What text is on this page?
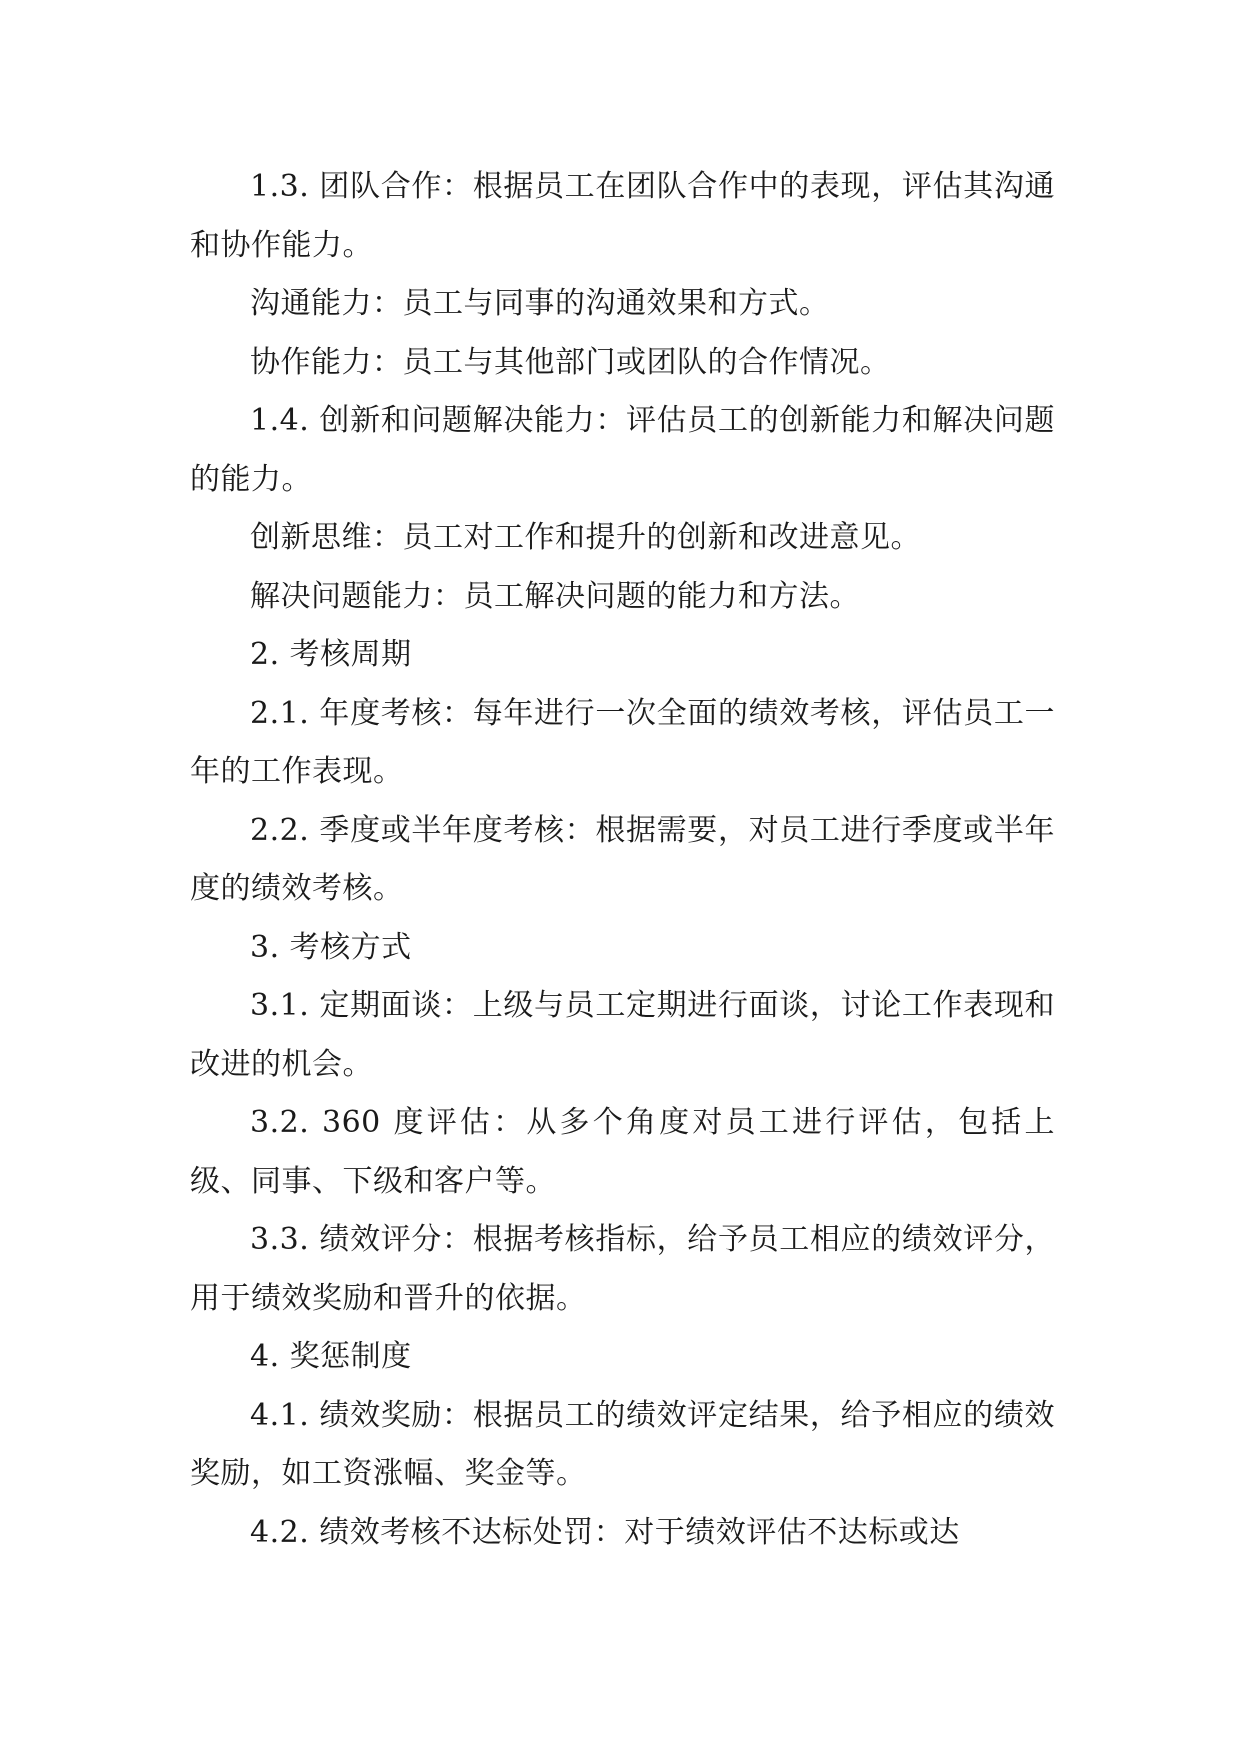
1.3. 团队合作：根据员工在团队合作中的表现，评估其沟通和协作能力。

沟通能力：员工与同事的沟通效果和方式。

协作能力：员工与其他部门或团队的合作情况。

1.4. 创新和问题解决能力：评估员工的创新能力和解决问题的能力。

创新思维：员工对工作和提升的创新和改进意见。

解决问题能力：员工解决问题的能力和方法。

2. 考核周期

2.1. 年度考核：每年进行一次全面的绩效考核，评估员工一年的工作表现。

2.2. 季度或半年度考核：根据需要，对员工进行季度或半年度的绩效考核。

3. 考核方式

3.1. 定期面谈：上级与员工定期进行面谈，讨论工作表现和改进的机会。

3.2. 360 度评估：从多个角度对员工进行评估，包括上级、同事、下级和客户等。

3.3. 绩效评分：根据考核指标，给予员工相应的绩效评分，用于绩效奖励和晋升的依据。

4. 奖惩制度

4.1. 绩效奖励：根据员工的绩效评定结果，给予相应的绩效奖励，如工资涨幅、奖金等。

4.2. 绩效考核不达标处罚：对于绩效评估不达标或达
